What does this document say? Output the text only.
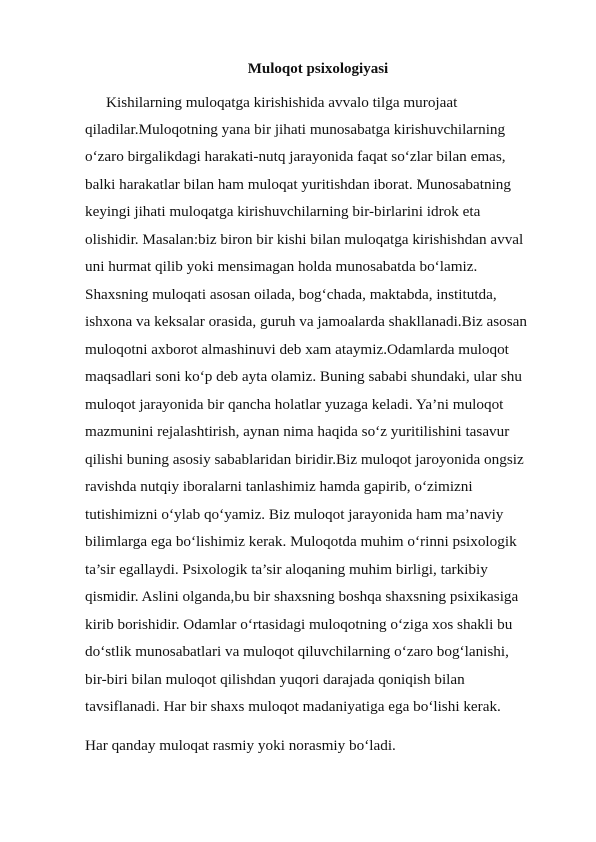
Muloqot psixologiyasi
Kishilarning muloqatga kirishishida avvalo tilga murojaat
qiladilar.Muloqotning yana bir jihati munosabatga kirishuvchilarning
o‘zaro birgalikdagi harakati-nutq jarayonida faqat so‘zlar bilan emas,
balki harakatlar bilan ham muloqat yuritishdan iborat. Munosabatning
keyingi jihati muloqatga kirishuvchilarning bir-birlarini idrok eta
olishidir. Masalan:biz biron bir kishi bilan muloqatga kirishishdan avval
uni hurmat qilib yoki mensimagan holda munosabatda bo‘lamiz.
Shaxsning muloqati asosan oilada, bog‘chada, maktabda, institutda,
ishxona va keksalar orasida, guruh va jamoalarda shakllanadi.Biz asosan
muloqotni axborot almashinuvi deb xam ataymiz.Odamlarda muloqot
maqsadlari soni ko‘p deb ayta olamiz. Buning sababi shundaki, ular shu
muloqot jarayonida bir qancha holatlar yuzaga keladi. Ya’ni muloqot
mazmunini rejalashtirish, aynan nima haqida so‘z yuritilishini tasavur
qilishi buning asosiy sabablaridan biridir.Biz muloqot jaroyonida ongsiz
ravishda nutqiy iboralarni tanlashimiz hamda gapirib, o‘zimizni
tutishimizni o‘ylab qo‘yamiz. Biz muloqot jarayonida ham ma’naviy
bilimlarga ega bo‘lishimiz kerak. Muloqotda muhim o‘rinni psixologik
ta’sir egallaydi. Psixologik ta’sir aloqaning muhim birligi, tarkibiy
qismidir. Aslini olganda,bu bir shaxsning boshqa shaxsning psixikasiga
kirib borishidir. Odamlar o‘rtasidagi muloqotning o‘ziga xos shakli bu
do‘stlik munosabatlari va muloqot qiluvchilarning o‘zaro bog‘lanishi,
bir-biri bilan muloqot qilishdan yuqori darajada qoniqish bilan
tavsiflanadi. Har bir shaxs muloqot madaniyatiga ega bo‘lishi kerak.
Har qanday muloqat rasmiy yoki norasmiy bo‘ladi.
